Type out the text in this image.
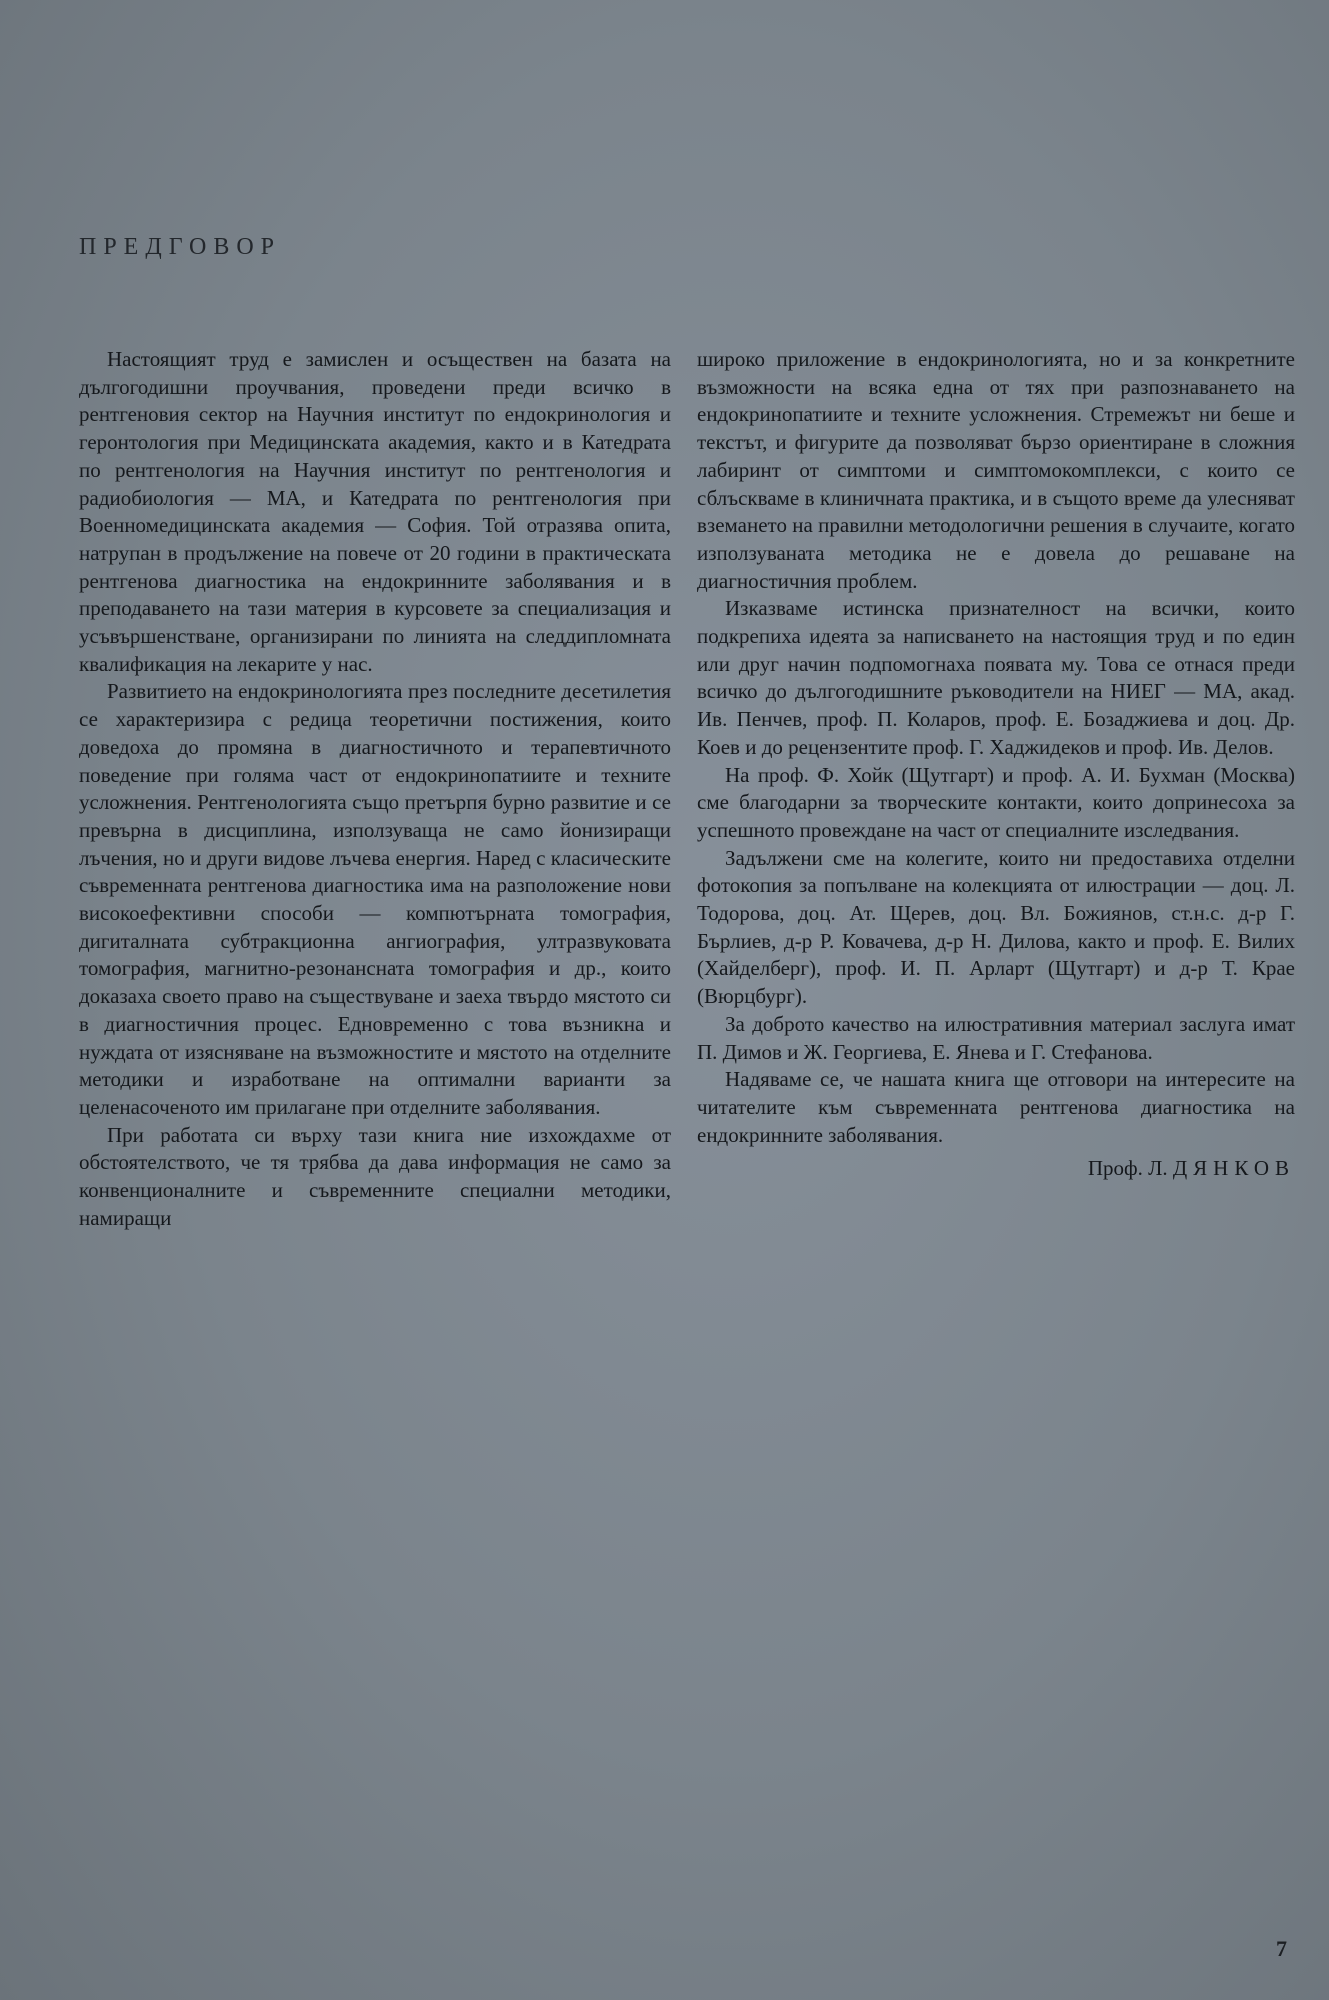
ПРЕДГОВОР

Настоящият труд е замислен и осъществен на базата на дългогодишни проучвания, проведени преди всичко в рентгеновия сектор на Научния институт по ендокринология и геронтология при Медицинската академия, както и в Катедрата по рентгенология на Научния институт по рентгенология и радиобиология — МА, и Катедрата по рентгенология при Военномедицинската академия — София. Той отразява опита, натрупан в продължение на повече от 20 години в практическата рентгенова диагностика на ендокринните заболявания и в преподаването на тази материя в курсовете за специализация и усъвършенстване, организирани по линията на следдипломната квалификация на лекарите у нас.

Развитието на ендокринологията през последните десетилетия се характеризира с редица теоретични постижения, които доведоха до промяна в диагностичното и терапевтичното поведение при голяма част от ендокринопатиите и техните усложнения. Рентгенологията също претърпя бурно развитие и се превърна в дисциплина, използуваща не само йонизиращи лъчения, но и други видове лъчева енергия. Наред с класическите съвременната рентгенова диагностика има на разположение нови високоефективни способи — компютърната томография, дигиталната субтракционна ангиография, ултразвуковата томография, магнитно-резонансната томография и др., които доказаха своето право на съществуване и заеха твърдо мястото си в диагностичния процес. Едновременно с това възникна и нуждата от изясняване на възможностите и мястото на отделните методики и изработване на оптимални варианти за целенасоченото им прилагане при отделните заболявания.

При работата си върху тази книга ние изхождахме от обстоятелството, че тя трябва да дава информация не само за конвенционалните и съвременните специални методики, намиращи

широко приложение в ендокринологията, но и за конкретните възможности на всяка една от тях при разпознаването на ендокринопатиите и техните усложнения. Стремежът ни беше и текстът, и фигурите да позволяват бързо ориентиране в сложния лабиринт от симптоми и симптомокомплекси, с които се сблъскваме в клиничната практика, и в същото време да улесняват вземането на правилни методологични решения в случаите, когато използуваната методика не е довела до решаване на диагностичния проблем.

Изказваме истинска признателност на всички, които подкрепиха идеята за написването на настоящия труд и по един или друг начин подпомогнаха появата му. Това се отнася преди всичко до дългогодишните ръководители на НИЕГ — МА, акад. Ив. Пенчев, проф. П. Коларов, проф. Е. Бозаджиева и доц. Др. Коев и до рецензентите проф. Г. Хаджидеков и проф. Ив. Делов.

На проф. Ф. Хойк (Щутгарт) и проф. А. И. Бухман (Москва) сме благодарни за творческите контакти, които допринесоха за успешното провеждане на част от специалните изследвания.

Задължени сме на колегите, които ни предоставиха отделни фотокопия за попълване на колекцията от илюстрации — доц. Л. Тодорова, доц. Ат. Щерев, доц. Вл. Божиянов, ст.н.с. д-р Г. Бърлиев, д-р Р. Ковачева, д-р Н. Дилова, както и проф. Е. Вилих (Хайделберг), проф. И. П. Арларт (Щутгарт) и д-р Т. Крае (Вюрцбург).

За доброто качество на илюстративния материал заслуга имат П. Димов и Ж. Георгиева, Е. Янева и Г. Стефанова.

Надяваме се, че нашата книга ще отговори на интересите на читателите към съвременната рентгенова диагностика на ендокринните заболявания.

Проф. Л. ДЯНКОВ
7
